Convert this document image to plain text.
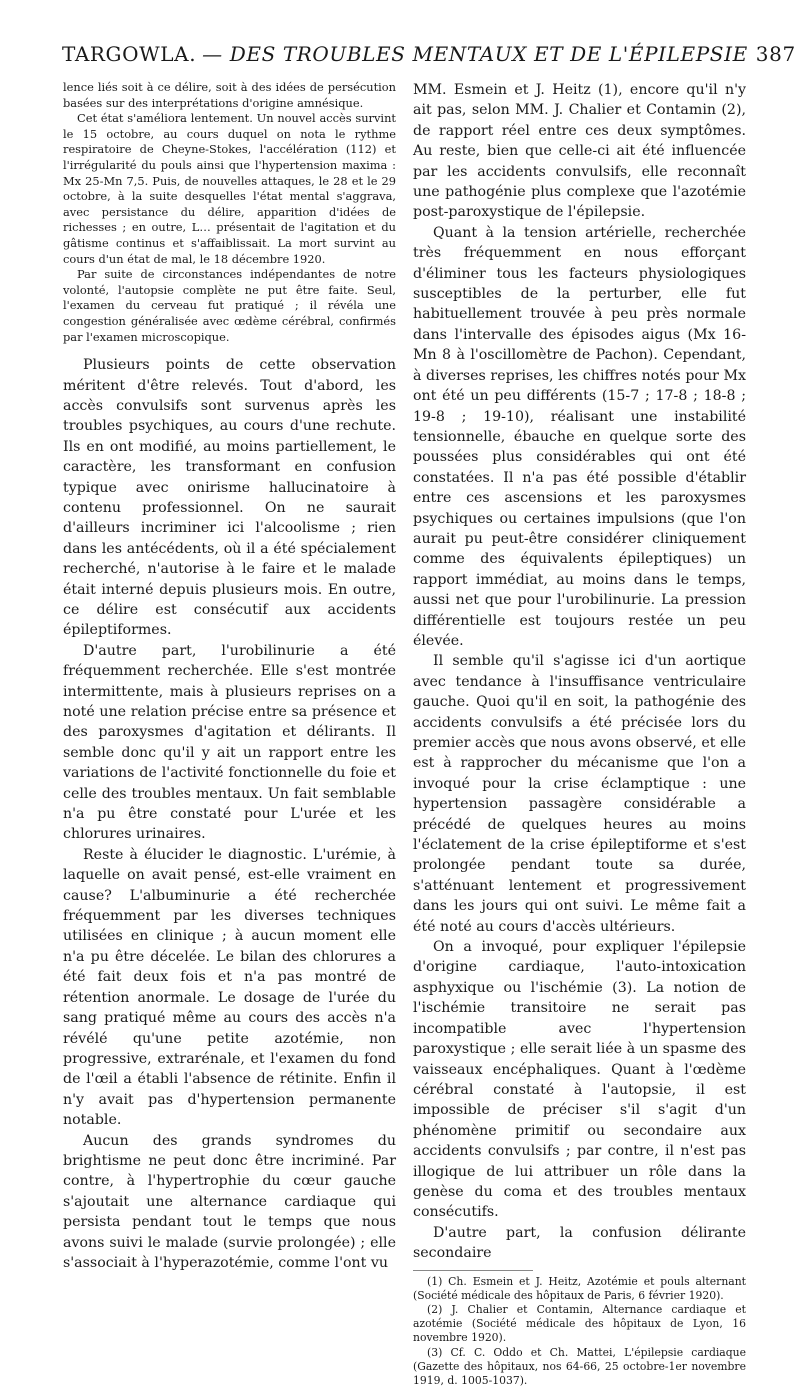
TARGOWLA. — DES TROUBLES MENTAUX ET DE L'ÉPILEPSIE 387

lence liés soit à ce délire, soit à des idées de persécution basées sur des interprétations d'origine amnésique.

Cet état s'améliora lentement. Un nouvel accès survint le 15 octobre, au cours duquel on nota le rythme respiratoire de Cheyne-Stokes, l'accélération (112) et l'irrégularité du pouls ainsi que l'hypertension maxima : Mx 25-Mn 7,5. Puis, de nouvelles attaques, le 28 et le 29 octobre, à la suite desquelles l'état mental s'aggrava, avec persistance du délire, apparition d'idées de richesses ; en outre, L… présentait de l'agitation et du gâtisme continus et s'affaiblissait. La mort survint au cours d'un état de mal, le 18 décembre 1920.

Par suite de circonstances indépendantes de notre volonté, l'autopsie complète ne put être faite. Seul, l'examen du cerveau fut pratiqué ; il révéla une congestion généralisée avec œdème cérébral, confirmés par l'examen microscopique.

Plusieurs points de cette observation méritent d'être relevés. Tout d'abord, les accès convulsifs sont survenus après les troubles psychiques, au cours d'une rechute. Ils en ont modifié, au moins partiellement, le caractère, les transformant en confusion typique avec onirisme hallucinatoire à contenu professionnel. On ne saurait d'ailleurs incriminer ici l'alcoolisme ; rien dans les antécédents, où il a été spécialement recherché, n'autorise à le faire et le malade était interné depuis plusieurs mois. En outre, ce délire est consécutif aux accidents épileptiformes.

D'autre part, l'urobilinurie a été fréquemment recherchée. Elle s'est montrée intermittente, mais à plusieurs reprises on a noté une relation précise entre sa présence et des paroxysmes d'agitation et délirants. Il semble donc qu'il y ait un rapport entre les variations de l'activité fonctionnelle du foie et celle des troubles mentaux. Un fait semblable n'a pu être constaté pour L'urée et les chlorures urinaires.

Reste à élucider le diagnostic. L'urémie, à laquelle on avait pensé, est-elle vraiment en cause? L'albuminurie a été recherchée fréquemment par les diverses techniques utilisées en clinique ; à aucun moment elle n'a pu être décelée. Le bilan des chlorures a été fait deux fois et n'a pas montré de rétention anormale. Le dosage de l'urée du sang pratiqué même au cours des accès n'a révélé qu'une petite azotémie, non progressive, extrarénale, et l'examen du fond de l'œil a établi l'absence de rétinite. Enfin il n'y avait pas d'hypertension permanente notable.

Aucun des grands syndromes du brightisme ne peut donc être incriminé. Par contre, à l'hypertrophie du cœur gauche s'ajoutait une alternance cardiaque qui persista pendant tout le temps que nous avons suivi le malade (survie prolongée) ; elle s'associait à l'hyperazotémie, comme l'ont vu

MM. Esmein et J. Heitz (1), encore qu'il n'y ait pas, selon MM. J. Chalier et Contamin (2), de rapport réel entre ces deux symptômes. Au reste, bien que celle-ci ait été influencée par les accidents convulsifs, elle reconnaît une pathogénie plus complexe que l'azotémie post-paroxystique de l'épilepsie.

Quant à la tension artérielle, recherchée très fréquemment en nous efforçant d'éliminer tous les facteurs physiologiques susceptibles de la perturber, elle fut habituellement trouvée à peu près normale dans l'intervalle des épisodes aigus (Mx 16-Mn 8 à l'oscillomètre de Pachon). Cependant, à diverses reprises, les chiffres notés pour Mx ont été un peu différents (15-7 ; 17-8 ; 18-8 ; 19-8 ; 19-10), réalisant une instabilité tensionnelle, ébauche en quelque sorte des poussées plus considérables qui ont été constatées. Il n'a pas été possible d'établir entre ces ascensions et les paroxysmes psychiques ou certaines impulsions (que l'on aurait pu peut-être considérer cliniquement comme des équivalents épileptiques) un rapport immédiat, au moins dans le temps, aussi net que pour l'urobilinurie. La pression différentielle est toujours restée un peu élevée.

Il semble qu'il s'agisse ici d'un aortique avec tendance à l'insuffisance ventriculaire gauche. Quoi qu'il en soit, la pathogénie des accidents convulsifs a été précisée lors du premier accès que nous avons observé, et elle est à rapprocher du mécanisme que l'on a invoqué pour la crise éclamptique : une hypertension passagère considérable a précédé de quelques heures au moins l'éclatement de la crise épileptiforme et s'est prolongée pendant toute sa durée, s'atténuant lentement et progressivement dans les jours qui ont suivi. Le même fait a été noté au cours d'accès ultérieurs.

On a invoqué, pour expliquer l'épilepsie d'origine cardiaque, l'auto-intoxication asphyxique ou l'ischémie (3). La notion de l'ischémie transitoire ne serait pas incompatible avec l'hypertension paroxystique ; elle serait liée à un spasme des vaisseaux encéphaliques. Quant à l'œdème cérébral constaté à l'autopsie, il est impossible de préciser s'il s'agit d'un phénomène primitif ou secondaire aux accidents convulsifs ; par contre, il n'est pas illogique de lui attribuer un rôle dans la genèse du coma et des troubles mentaux consécutifs.

D'autre part, la confusion délirante secondaire

(1) Ch. Esmein et J. Heitz, Azotémie et pouls alternant (Société médicale des hôpitaux de Paris, 6 février 1920).

(2) J. Chalier et Contamin, Alternance cardiaque et azotémie (Société médicale des hôpitaux de Lyon, 16 novembre 1920).

(3) Cf. C. Oddo et Ch. Mattei, L'épilepsie cardiaque (Gazette des hôpitaux, nos 64-66, 25 octobre-1er novembre 1919, d. 1005-1037).
